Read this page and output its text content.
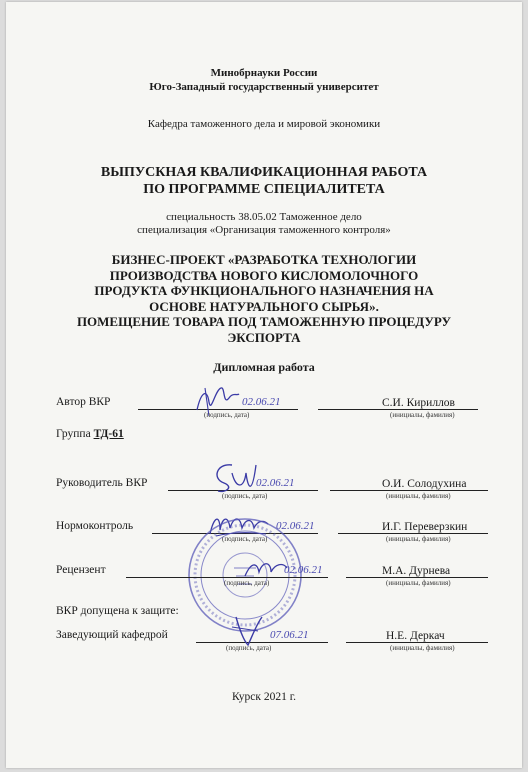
Минобрнауки России
Юго-Западный государственный университет
Кафедра таможенного дела и мировой экономики
ВЫПУСКНАЯ КВАЛИФИКАЦИОННАЯ РАБОТА
ПО ПРОГРАММЕ СПЕЦИАЛИТЕТА
специальность 38.05.02 Таможенное дело
специализация «Организация таможенного контроля»
БИЗНЕС-ПРОЕКТ «РАЗРАБОТКА ТЕХНОЛОГИИ
ПРОИЗВОДСТВА НОВОГО КИСЛОМОЛОЧНОГО
ПРОДУКТА ФУНКЦИОНАЛЬНОГО НАЗНАЧЕНИЯ НА
ОСНОВЕ НАТУРАЛЬНОГО СЫРЬЯ».
ПОМЕЩЕНИЕ ТОВАРА ПОД ТАМОЖЕННУЮ ПРОЦЕДУРУ
ЭКСПОРТА
Дипломная работа
Автор ВКР	02.06.21
(подпись, дата)
С.И. Кириллов
(инициалы, фамилия)
Группа ТД-61
Руководитель ВКР	02.06.21
(подпись, дата)
О.И. Солодухина
(инициалы, фамилия)
Нормоконтроль	02.06.21
(подпись, дата)
И.Г. Переверзкин
(инициалы, фамилия)
Рецензент	02.06.21
(подпись, дата)
М.А. Дурнева
(инициалы, фамилия)
ВКР допущена к защите:
Заведующий кафедрой	07.06.21
(подпись, дата)
Н.Е. Деркач
(инициалы, фамилия)
Курск 2021 г.
